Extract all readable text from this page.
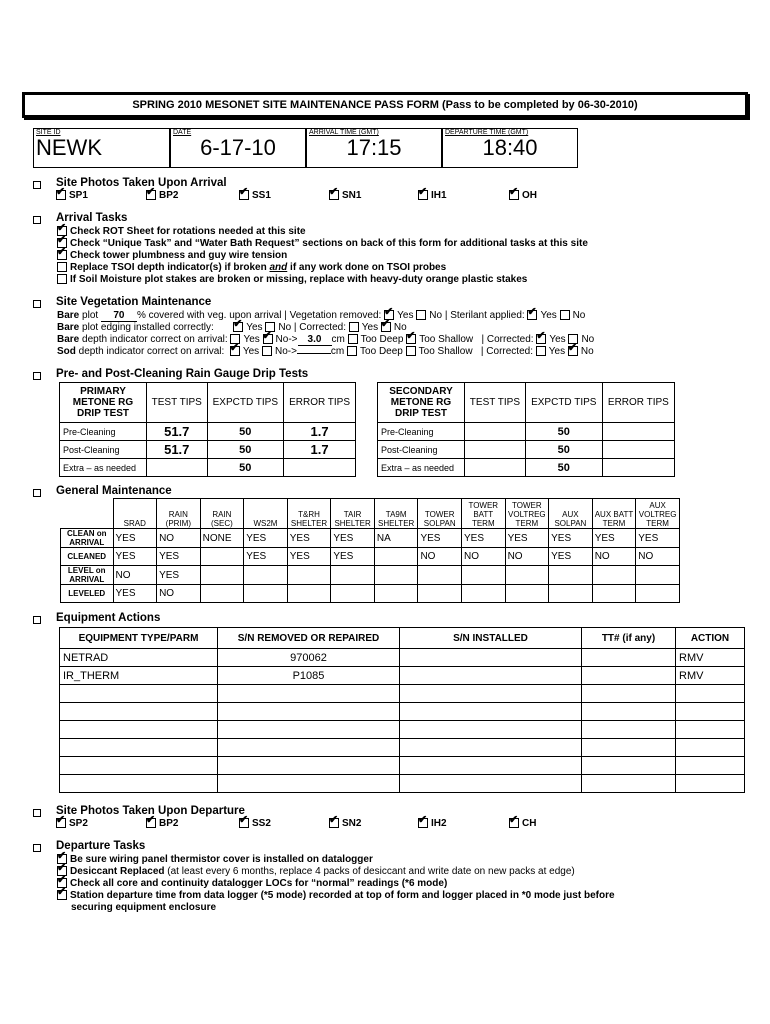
SPRING 2010 MESONET SITE MAINTENANCE PASS FORM (Pass to be completed by 06-30-2010)
SITE ID
NEWK
DATE
6-17-10
ARRIVAL TIME (GMT)
17:15
DEPARTURE TIME (GMT)
18:40
Site Photos Taken Upon Arrival
✔SP1 ✔	BP2 ✔	SS1 ✔	SN1 ✔	IH1 ✔	OH
Arrival Tasks
✔Check ROT Sheet for rotations needed at this site
✔Check “Unique Task” and “Water Bath Request” sections on back of this form for additional tasks at this site
✔Check tower plumbness and guy wire tension
Replace TSOI depth indicator(s) if broken and if any work done on TSOI probes
If Soil Moisture plot stakes are broken or missing, replace with heavy-duty orange plastic stakes
Site Vegetation Maintenance
Bare plot 70 % covered with veg. upon arrival | Vegetation removed: ✔ Yes No | Sterilant applied: ✔ Yes No
Bare plot edging installed correctly: ✔	Yes No | Corrected: Yes ✔ No
Bare depth indicator correct on arrival: Yes ✔ No-> 3.0 cm Too Deep ✔ Too Shallow | Corrected: ✔ Yes No
Sod depth indicator correct on arrival: ✔ Yes No->	cm Too Deep Too Shallow | Corrected: Yes ✔ No
Pre- and Post-Cleaning Rain Gauge Drip Tests
PRIMARY METONE RG DRIP TEST	TEST TIPS	EXPCTD TIPS	ERROR TIPS
Pre-Cleaning	51.7	50	1.7
Post-Cleaning	51.7	50	1.7
Extra – as needed		50	
SECONDARY METONE RG DRIP TEST	TEST TIPS	EXPCTD TIPS	ERROR TIPS
Pre-Cleaning		50	
Post-Cleaning		50	
Extra – as needed		50	
General Maintenance
	SRAD	RAIN (PRIM)	RAIN (SEC)	WS2M	T&RH SHELTER	TAIR SHELTER	TA9M SHELTER	TOWER SOLPAN	TOWER BATT TERM	TOWER VOLTREG TERM	AUX SOLPAN	AUX BATT TERM	AUX VOLTREG TERM
CLEAN on ARRIVAL	YES	NO	NONE	YES	YES	YES	NA	YES	YES	YES	YES	YES	YES
CLEANED	YES	YES		YES	YES	YES		NO	NO	NO	YES	NO	NO
LEVEL on ARRIVAL	NO	YES											
LEVELED	YES	NO											
Equipment Actions
EQUIPMENT TYPE/PARM	S/N REMOVED OR REPAIRED	S/N INSTALLED	TT# (if any)	ACTION
NETRAD	970062			RMV
IR_THERM	P1085			RMV

Site Photos Taken Upon Departure
✔SP2 ✔	BP2 ✔	SS2 ✔	SN2 ✔	IH2 ✔	CH
Departure Tasks
✔Be sure wiring panel thermistor cover is installed on datalogger
✔Desiccant Replaced (at least every 6 months, replace 4 packs of desiccant and write date on new packs at edge)
✔Check all core and continuity datalogger LOCs for “normal” readings (*6 mode)
✔Station departure time from data logger (*5 mode) recorded at top of form and logger placed in *0 mode just before
securing equipment enclosure
